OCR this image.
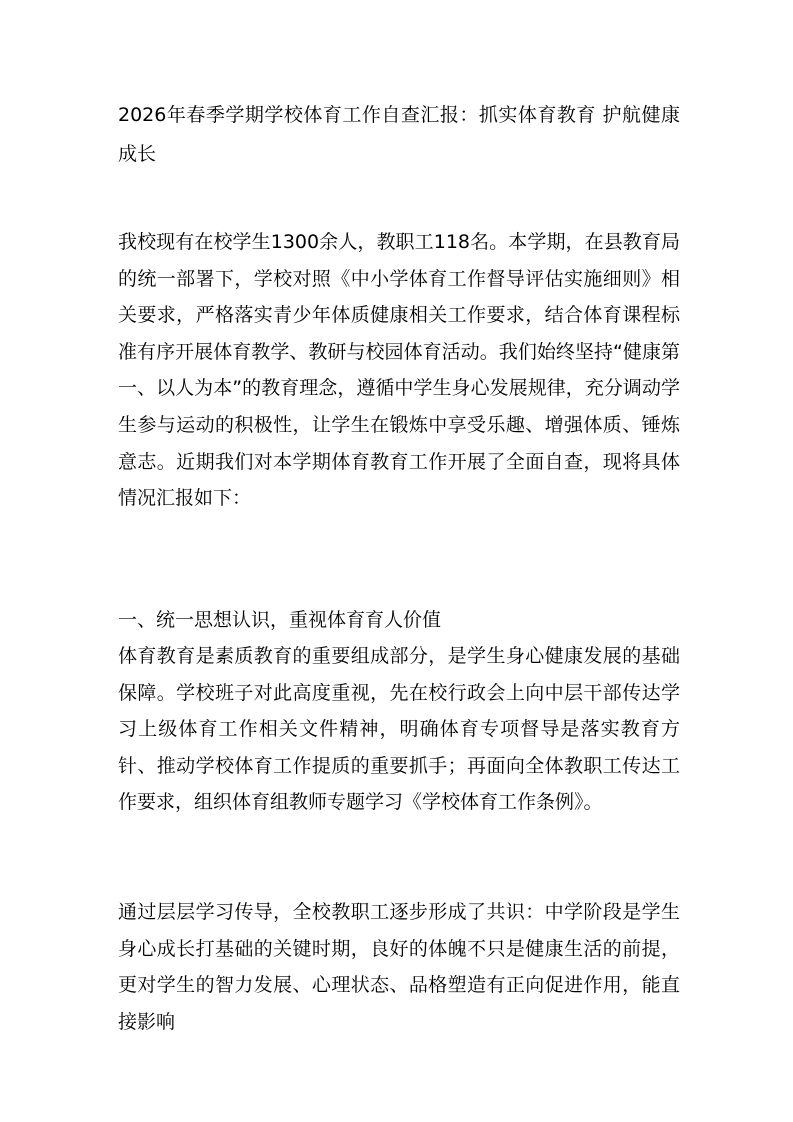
2026年春季学期学校体育工作自查汇报：抓实体育教育 护航健康成长

我校现有在校学生1300余人，教职工118名。本学期，在县教育局的统一部署下，学校对照《中小学体育工作督导评估实施细则》相关要求，严格落实青少年体质健康相关工作要求，结合体育课程标准有序开展体育教学、教研与校园体育活动。我们始终坚持“健康第一、以人为本”的教育理念，遵循中学生身心发展规律，充分调动学生参与运动的积极性，让学生在锻炼中享受乐趣、增强体质、锤炼意志。近期我们对本学期体育教育工作开展了全面自查，现将具体情况汇报如下：

一、统一思想认识，重视体育育人价值

体育教育是素质教育的重要组成部分，是学生身心健康发展的基础保障。学校班子对此高度重视，先在校行政会上向中层干部传达学习上级体育工作相关文件精神，明确体育专项督导是落实教育方针、推动学校体育工作提质的重要抓手；再面向全体教职工传达工作要求，组织体育组教师专题学习《学校体育工作条例》。

通过层层学习传导，全校教职工逐步形成了共识：中学阶段是学生身心成长打基础的关键时期，良好的体魄不只是健康生活的前提，更对学生的智力发展、心理状态、品格塑造有正向促进作用，能直接影响
